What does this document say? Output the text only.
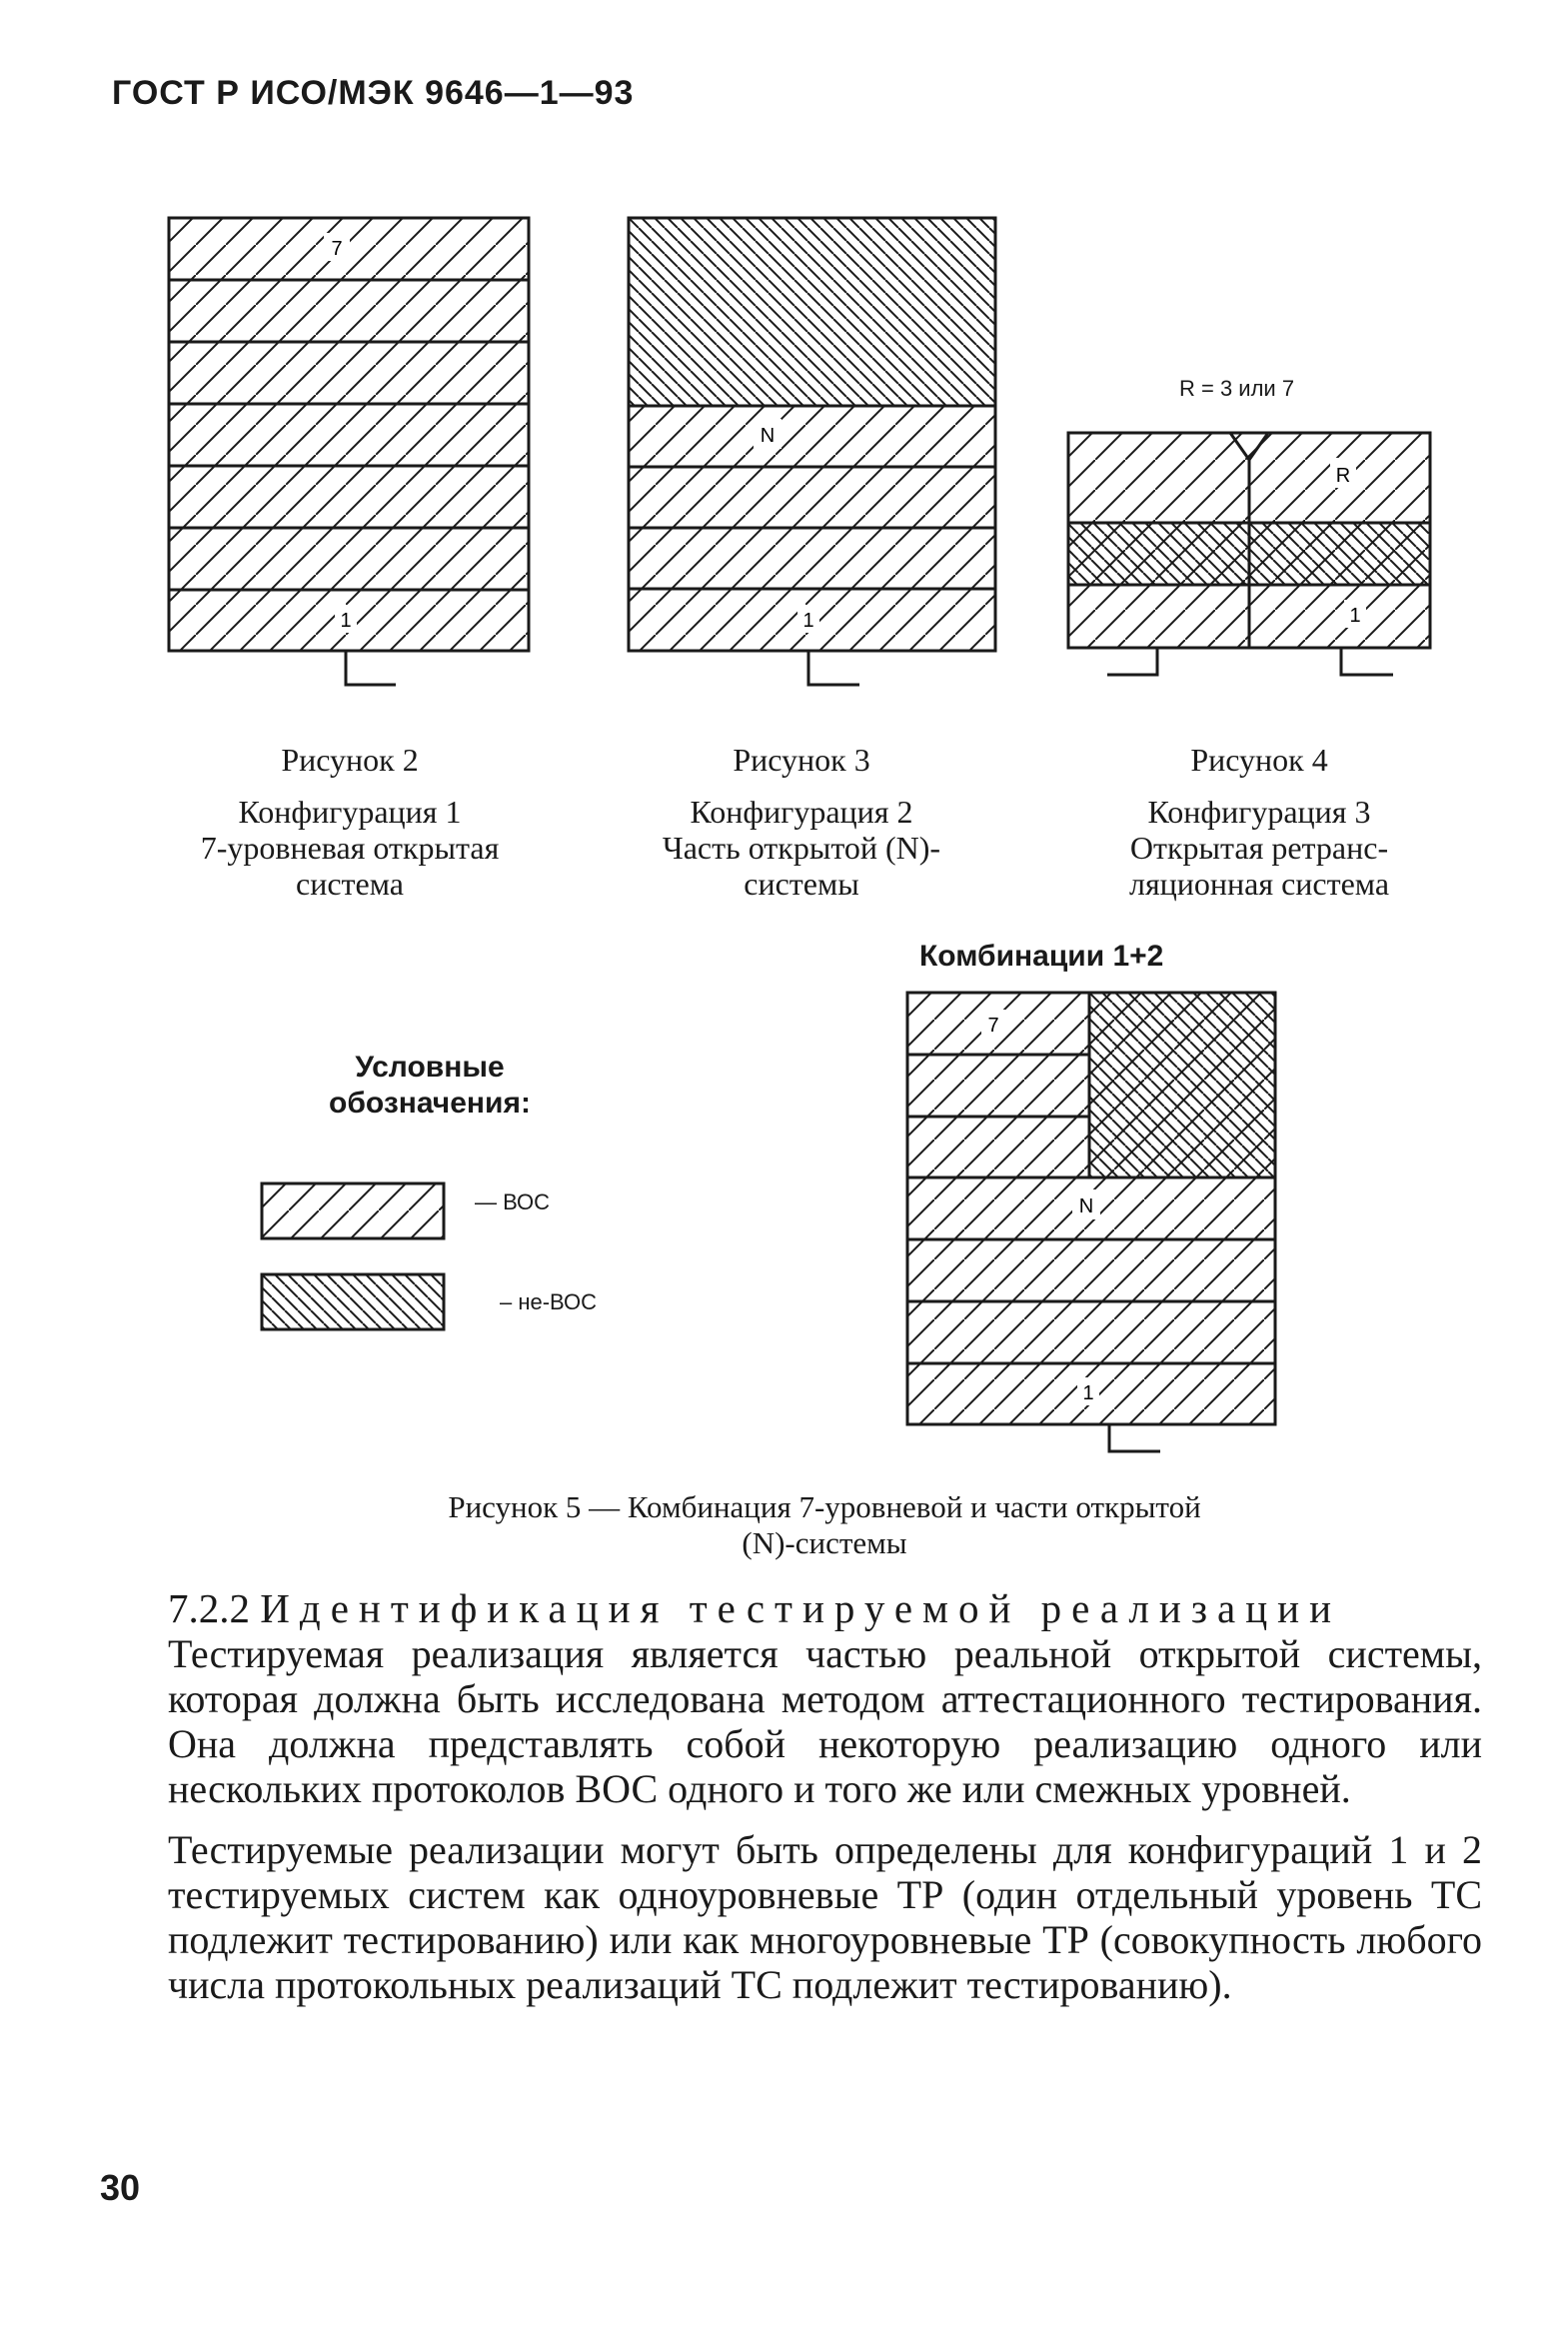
ГОСТ Р ИСО/МЭК 9646—1—93
7
1
N
1
R = 3 или 7
R
1
Рисунок 2
Конфигурация 1
7-уровневая открытая
система
Рисунок 3
Конфигурация 2
Часть открытой (N)-
системы
Рисунок 4
Конфигурация 3
Открытая ретранс-
ляционная система
Комбинации 1+2
Условные
обозначения:
— ВОС
– не-ВОС
7
N
1
Рисунок 5 — Комбинация 7-уровневой и части открытой
(N)-системы
7.2.2 Идентификация тестируемой реализации

Тестируемая реализация является частью реальной открытой системы, которая должна быть исследована методом аттестационного тестирования. Она должна представлять собой некоторую реализацию одного или нескольких протоколов ВОС одного и того же или смежных уровней.

Тестируемые реализации могут быть определены для конфигураций 1 и 2 тестируемых систем как одноуровневые ТР (один отдельный уровень ТС подлежит тестированию) или как многоуровневые ТР (совокупность любого числа протокольных реализаций ТС подлежит тестированию).

30
